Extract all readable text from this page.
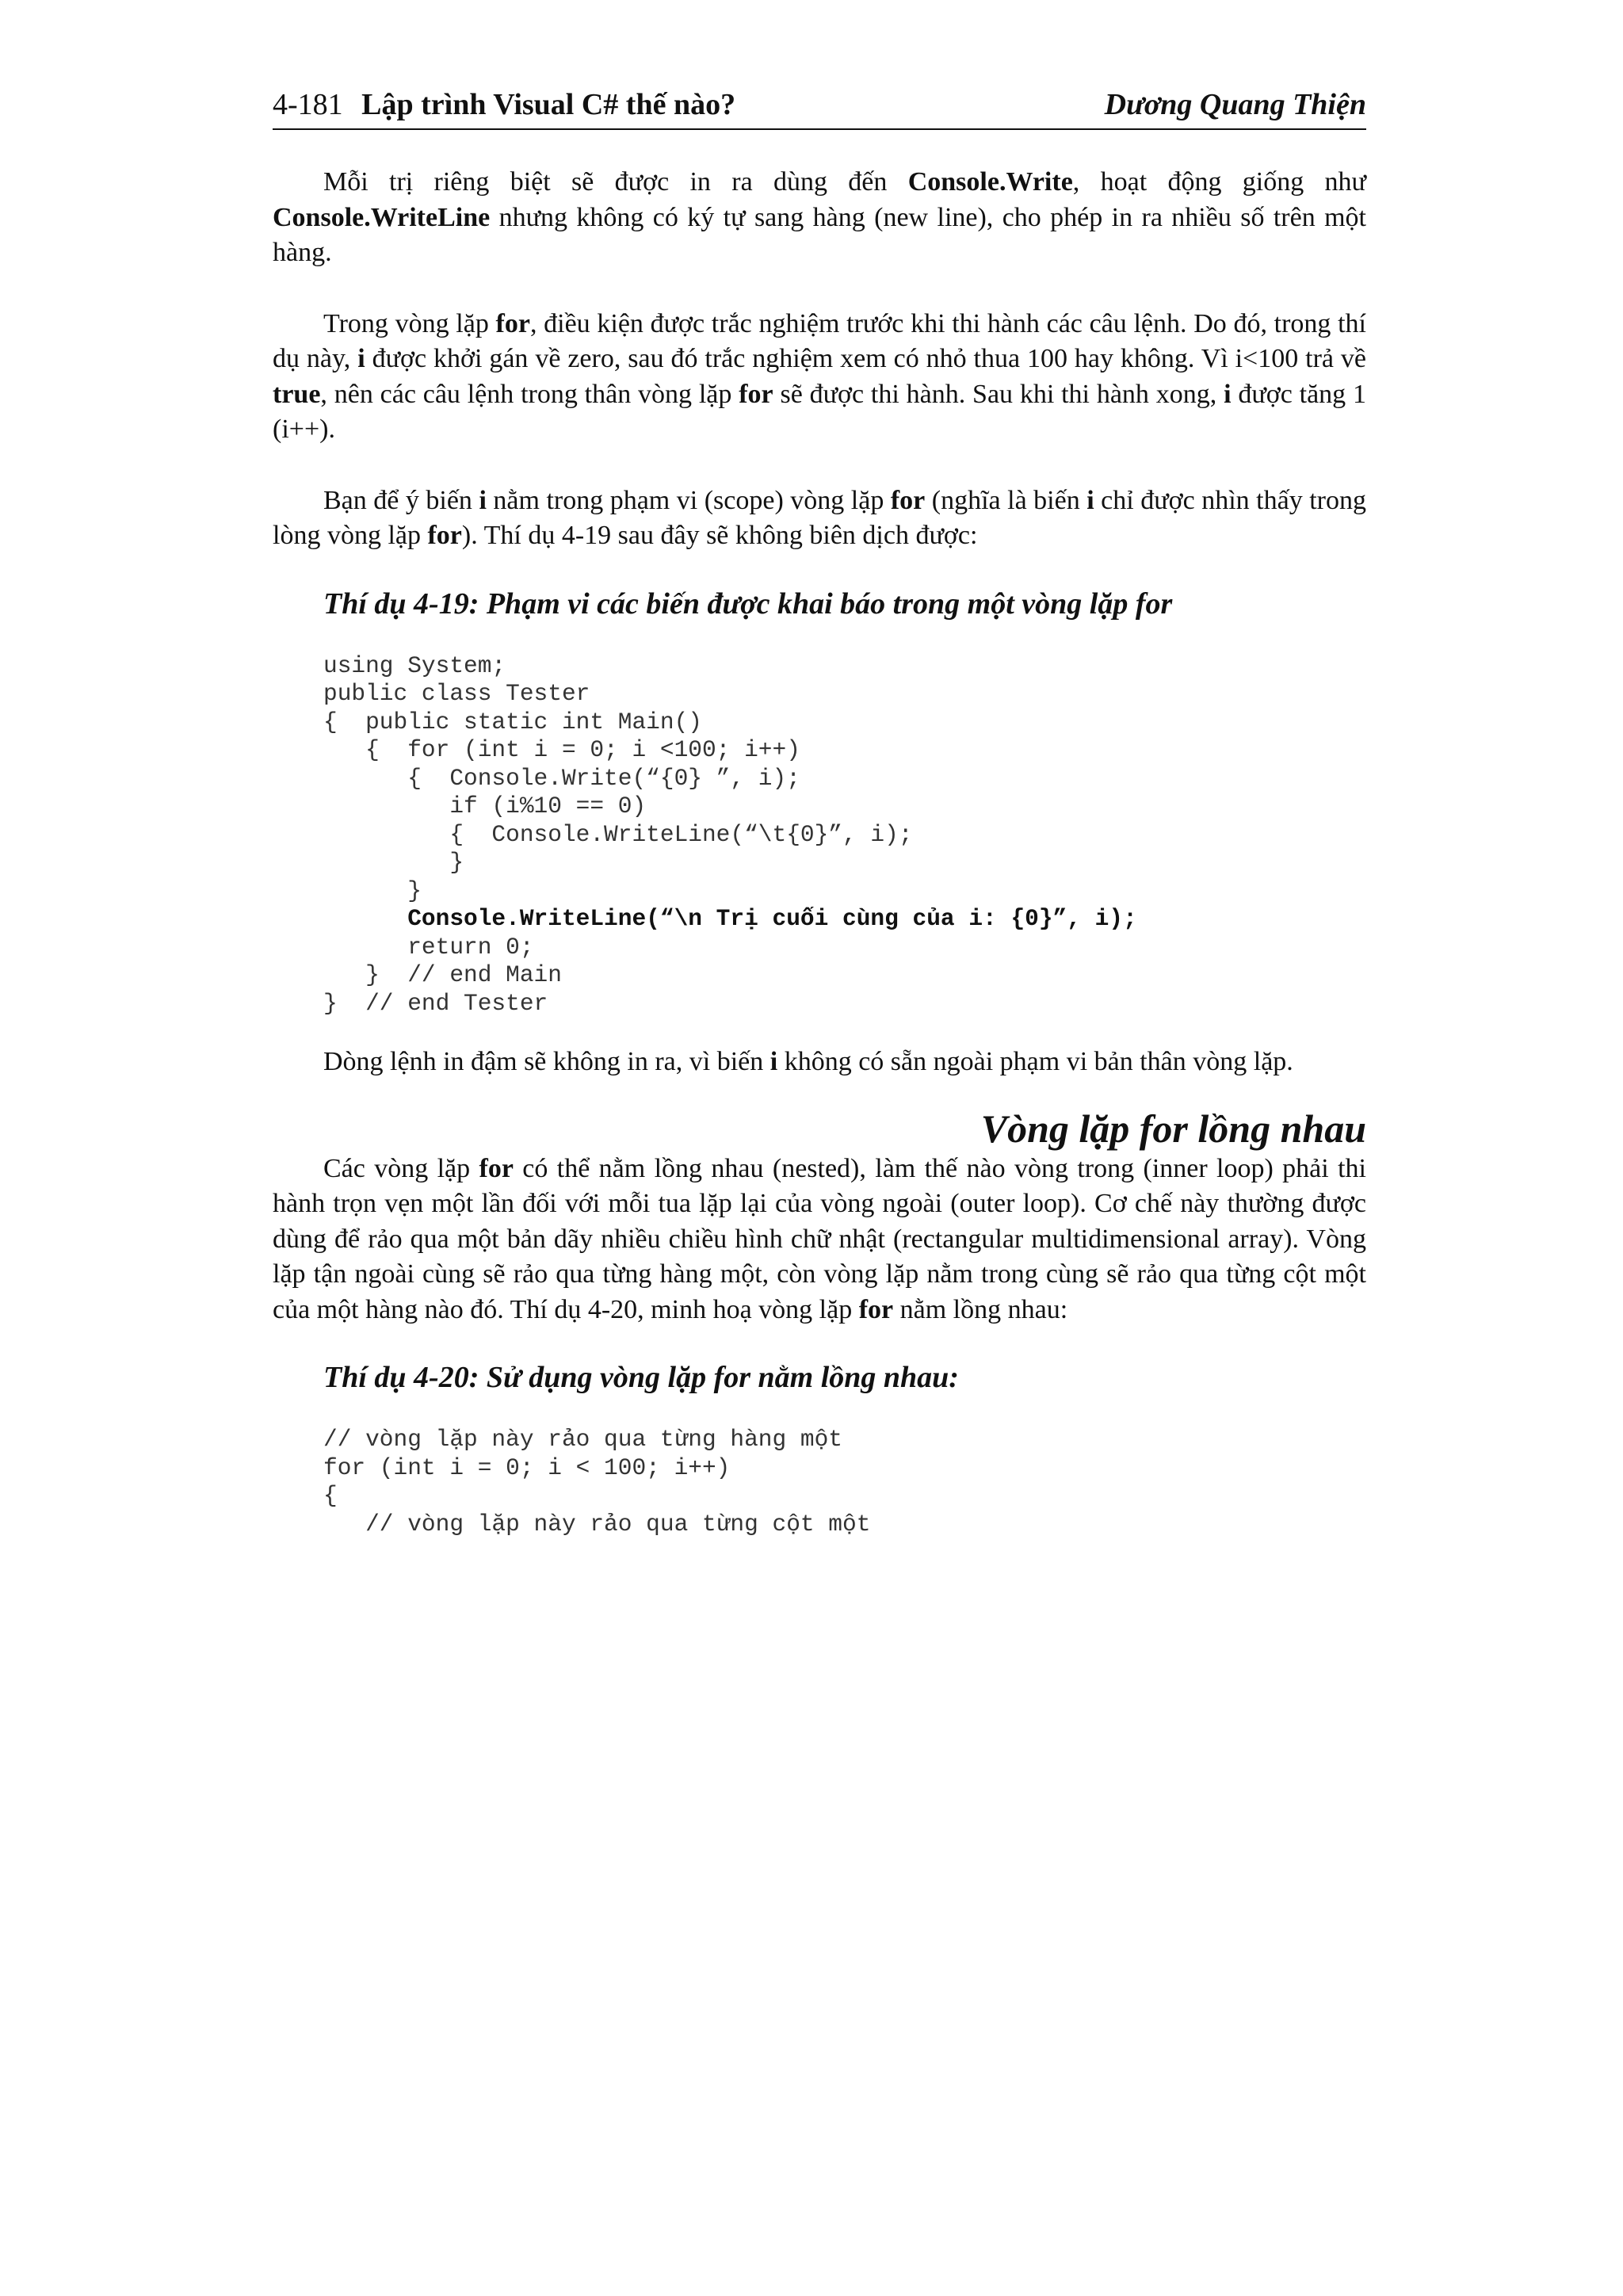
4-181 Lập trình Visual C# thế nào?	Dương Quang Thiện

Mỗi trị riêng biệt sẽ được in ra dùng đến Console.Write, hoạt động giống như Console.WriteLine nhưng không có ký tự sang hàng (new line), cho phép in ra nhiều số trên một hàng.

Trong vòng lặp for, điều kiện được trắc nghiệm trước khi thi hành các câu lệnh. Do đó, trong thí dụ này, i được khởi gán về zero, sau đó trắc nghiệm xem có nhỏ thua 100 hay không. Vì i<100 trả về true, nên các câu lệnh trong thân vòng lặp for sẽ được thi hành. Sau khi thi hành xong, i được tăng 1 (i++).

Bạn để ý biến i nằm trong phạm vi (scope) vòng lặp for (nghĩa là biến i chỉ được nhìn thấy trong lòng vòng lặp for). Thí dụ 4-19 sau đây sẽ không biên dịch được:

Thí dụ 4-19: Phạm vi các biến được khai báo trong một vòng lặp for
using System;
public class Tester
{  public static int Main()
{  for (int i = 0; i <100; i++)
{  Console.Write(“{0} ”, i);
if (i%10 == 0)
{  Console.WriteLine(“\t{0}”, i);
}
}
Console.WriteLine(“\n Trị cuối cùng của i: {0}”, i);
return 0;
}  // end Main
}  // end Tester

Dòng lệnh in đậm sẽ không in ra, vì biến i không có sẵn ngoài phạm vi bản thân vòng lặp.

Vòng lặp for lồng nhau

Các vòng lặp for có thể nằm lồng nhau (nested), làm thế nào vòng trong (inner loop) phải thi hành trọn vẹn một lần đối với mỗi tua lặp lại của vòng ngoài (outer loop). Cơ chế này thường được dùng để rảo qua một bản dãy nhiều chiều hình chữ nhật (rectangular multidimensional array). Vòng lặp tận ngoài cùng sẽ rảo qua từng hàng một, còn vòng lặp nằm trong cùng sẽ rảo qua từng cột một của một hàng nào đó. Thí dụ 4-20, minh hoạ vòng lặp for nằm lồng nhau:

Thí dụ 4-20: Sử dụng vòng lặp for nằm lồng nhau:
// vòng lặp này rảo qua từng hàng một
for (int i = 0; i < 100; i++)
{
// vòng lặp này rảo qua từng cột một
